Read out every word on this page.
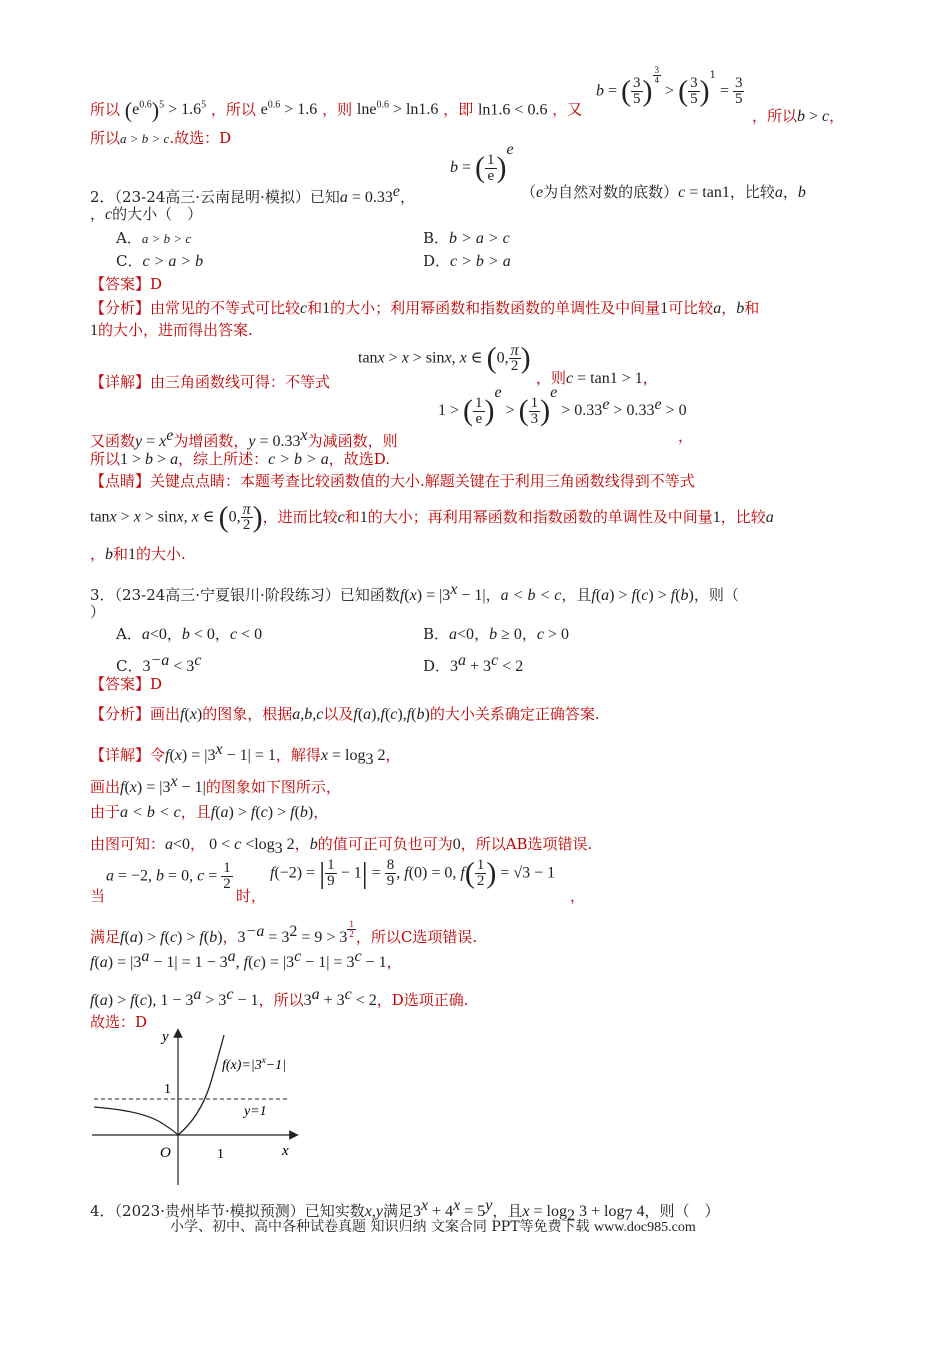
所以 $(e^{0.6})^5 > 1.6^5$ ，所以 $e^{0.6} > 1.6$ ，则 lne$^{0.6}$ > ln1.6 ，即 ln1.6 < 0.6 ，又
b = ( $\frac{3}{5}$ ) $^{\frac{3}{4}}$
> ( $\frac{3}{5} )^1 = \frac{3}{5}$
，所以b > c，
所以a > b > c.故选：D
2．（23-24高三·云南昆明·模拟）已知a = 0.33$^e$，
b = ( $\frac{1}{e} )^e$
（e为自然对数的底数）c = tan1，比较a，b
，c的大小（　）
A．a > b > c	B．b > a > c
C．c > a > b	D．c > b > a
【答案】D
【分析】由常见的不等式可比较c和1的大小；利用幂函数和指数函数的单调性及中间量1可比较a，b和
1的大小，进而得出答案.
tanx > x > sinx, x ∈ (0, $\frac{\pi}{2}$ )
【详解】由三角函数线可得：不等式	，则c = tan1 > 1，
1 > ( $\frac{1}{e} )^e$ > ( $\frac{1}{3} )^e > 0.33^e > 0.33^e > 0$
，
又函数$y = x^e$为增函数，$y = 0.33^x$为减函数，则
所以1 > b > a，综上所述：c > b > a，故选D.
【点睛】关键点点睛：本题考查比较函数值的大小.解题关键在于利用三角函数线得到不等式
tanx > x > sinx, x ∈ (0, $\frac{\pi}{2}$ )，进而比较c和1的大小；再利用幂函数和指数函数的单调性及中间量1，比较a
，b和1的大小.
3．（23-24高三·宁夏银川·阶段练习）已知函数$f(x) = |3^x - 1|$，a < b < c，且f(a) > f(c) > f(b)，则（
）
A．a<0，b < 0，c < 0	B．a<0，b ≥ 0，c > 0
C．$3^{-a} < 3^c$	D．$3^a + 3^c < 2$
【答案】D
【分析】画出f(x)的图象，根据a,b,c以及f(a),f(c),f(b)的大小关系确定正确答案.
【详解】令$f(x) = |3^x - 1| = 1$，解得$x = \log_3 2$，
画出$f(x) = |3^x - 1|$的图象如下图所示，
由于a < b < c，且f(a) > f(c) > f(b)，
由图可知：a<0， $0 < c <\log_3$ 2，b的值可正可负也可为0，所以AB选项错误.
a = −2, b = 0, $c = \frac{1}{2}$
当	时，
f(−2) = | $\frac{1}{9} - 1| = \frac{8}{9}$ , f(0) = 0, $f( \frac{1}{2}$ ) = √3 − 1
，
满足f(a) > f(c) > f(b)，$3^{-a} = 3^2 = 9 > 3$ $^{\frac{1}{2}}$ ，所以C选项错误.
$f(a) = |3^a - 1| = 1 - 3^a$, $f(c) = |3^c - 1| = 3^c - 1$，
f(a) > f(c), $1 - 3^a > 3^c - 1$，所以$3^a + 3^c < 2$，D选项正确.
故选：D
y
x
O	1
1
$f(x)=|3^x-1|$
y=1
4．（2023·贵州毕节·模拟预测）已知实数x,y满足$3^x + 4^x = 5^y$，且$x = \log_2 3 + \log_7 4$，则（　）
小学、初中、高中各种试卷真题 知识归纳 文案合同 PPT等免费下载 www.doc985.com
